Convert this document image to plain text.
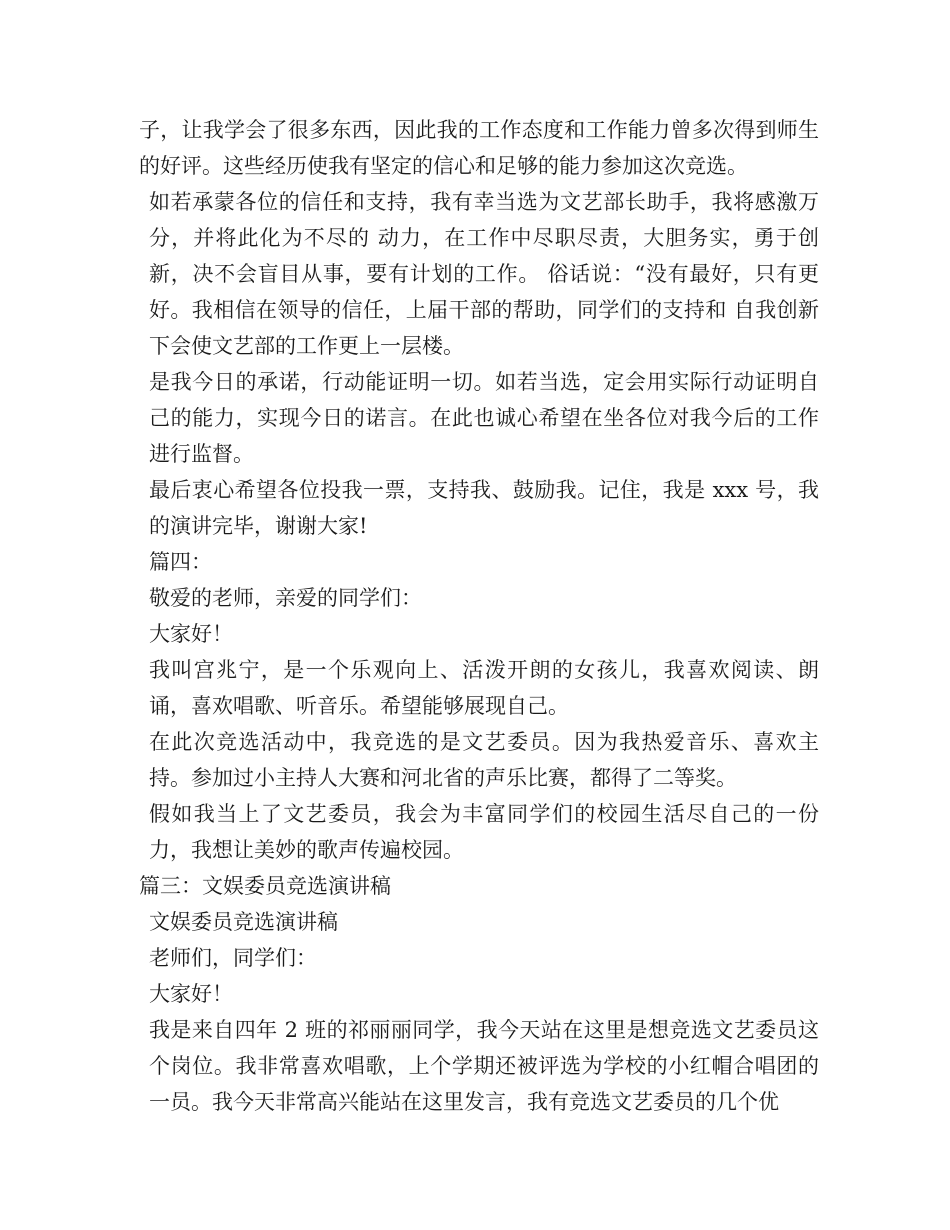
子，让我学会了很多东西，因此我的工作态度和工作能力曾多次得到师生的好评。这些经历使我有坚定的信心和足够的能力参加这次竞选。

如若承蒙各位的信任和支持，我有幸当选为文艺部长助手，我将感激万分，并将此化为不尽的 动力，在工作中尽职尽责，大胆务实，勇于创新，决不会盲目从事，要有计划的工作。 俗话说：“没有最好，只有更好。我相信在领导的信任，上届干部的帮助，同学们的支持和 自我创新下会使文艺部的工作更上一层楼。

是我今日的承诺，行动能证明一切。如若当选，定会用实际行动证明自己的能力，实现今日的诺言。在此也诚心希望在坐各位对我今后的工作进行监督。

最后衷心希望各位投我一票，支持我、鼓励我。记住，我是 xxx 号，我的演讲完毕，谢谢大家!

篇四：

敬爱的老师，亲爱的同学们：

大家好！

我叫宫兆宁，是一个乐观向上、活泼开朗的女孩儿，我喜欢阅读、朗诵，喜欢唱歌、听音乐。希望能够展现自己。

在此次竞选活动中，我竞选的是文艺委员。因为我热爱音乐、喜欢主持。参加过小主持人大赛和河北省的声乐比赛，都得了二等奖。

假如我当上了文艺委员，我会为丰富同学们的校园生活尽自己的一份力，我想让美妙的歌声传遍校园。

篇三：文娱委员竞选演讲稿

文娱委员竞选演讲稿

老师们，同学们：

大家好！

我是来自四年 2 班的祁丽丽同学，我今天站在这里是想竞选文艺委员这个岗位。我非常喜欢唱歌，上个学期还被评选为学校的小红帽合唱团的一员。我今天非常高兴能站在这里发言，我有竞选文艺委员的几个优
